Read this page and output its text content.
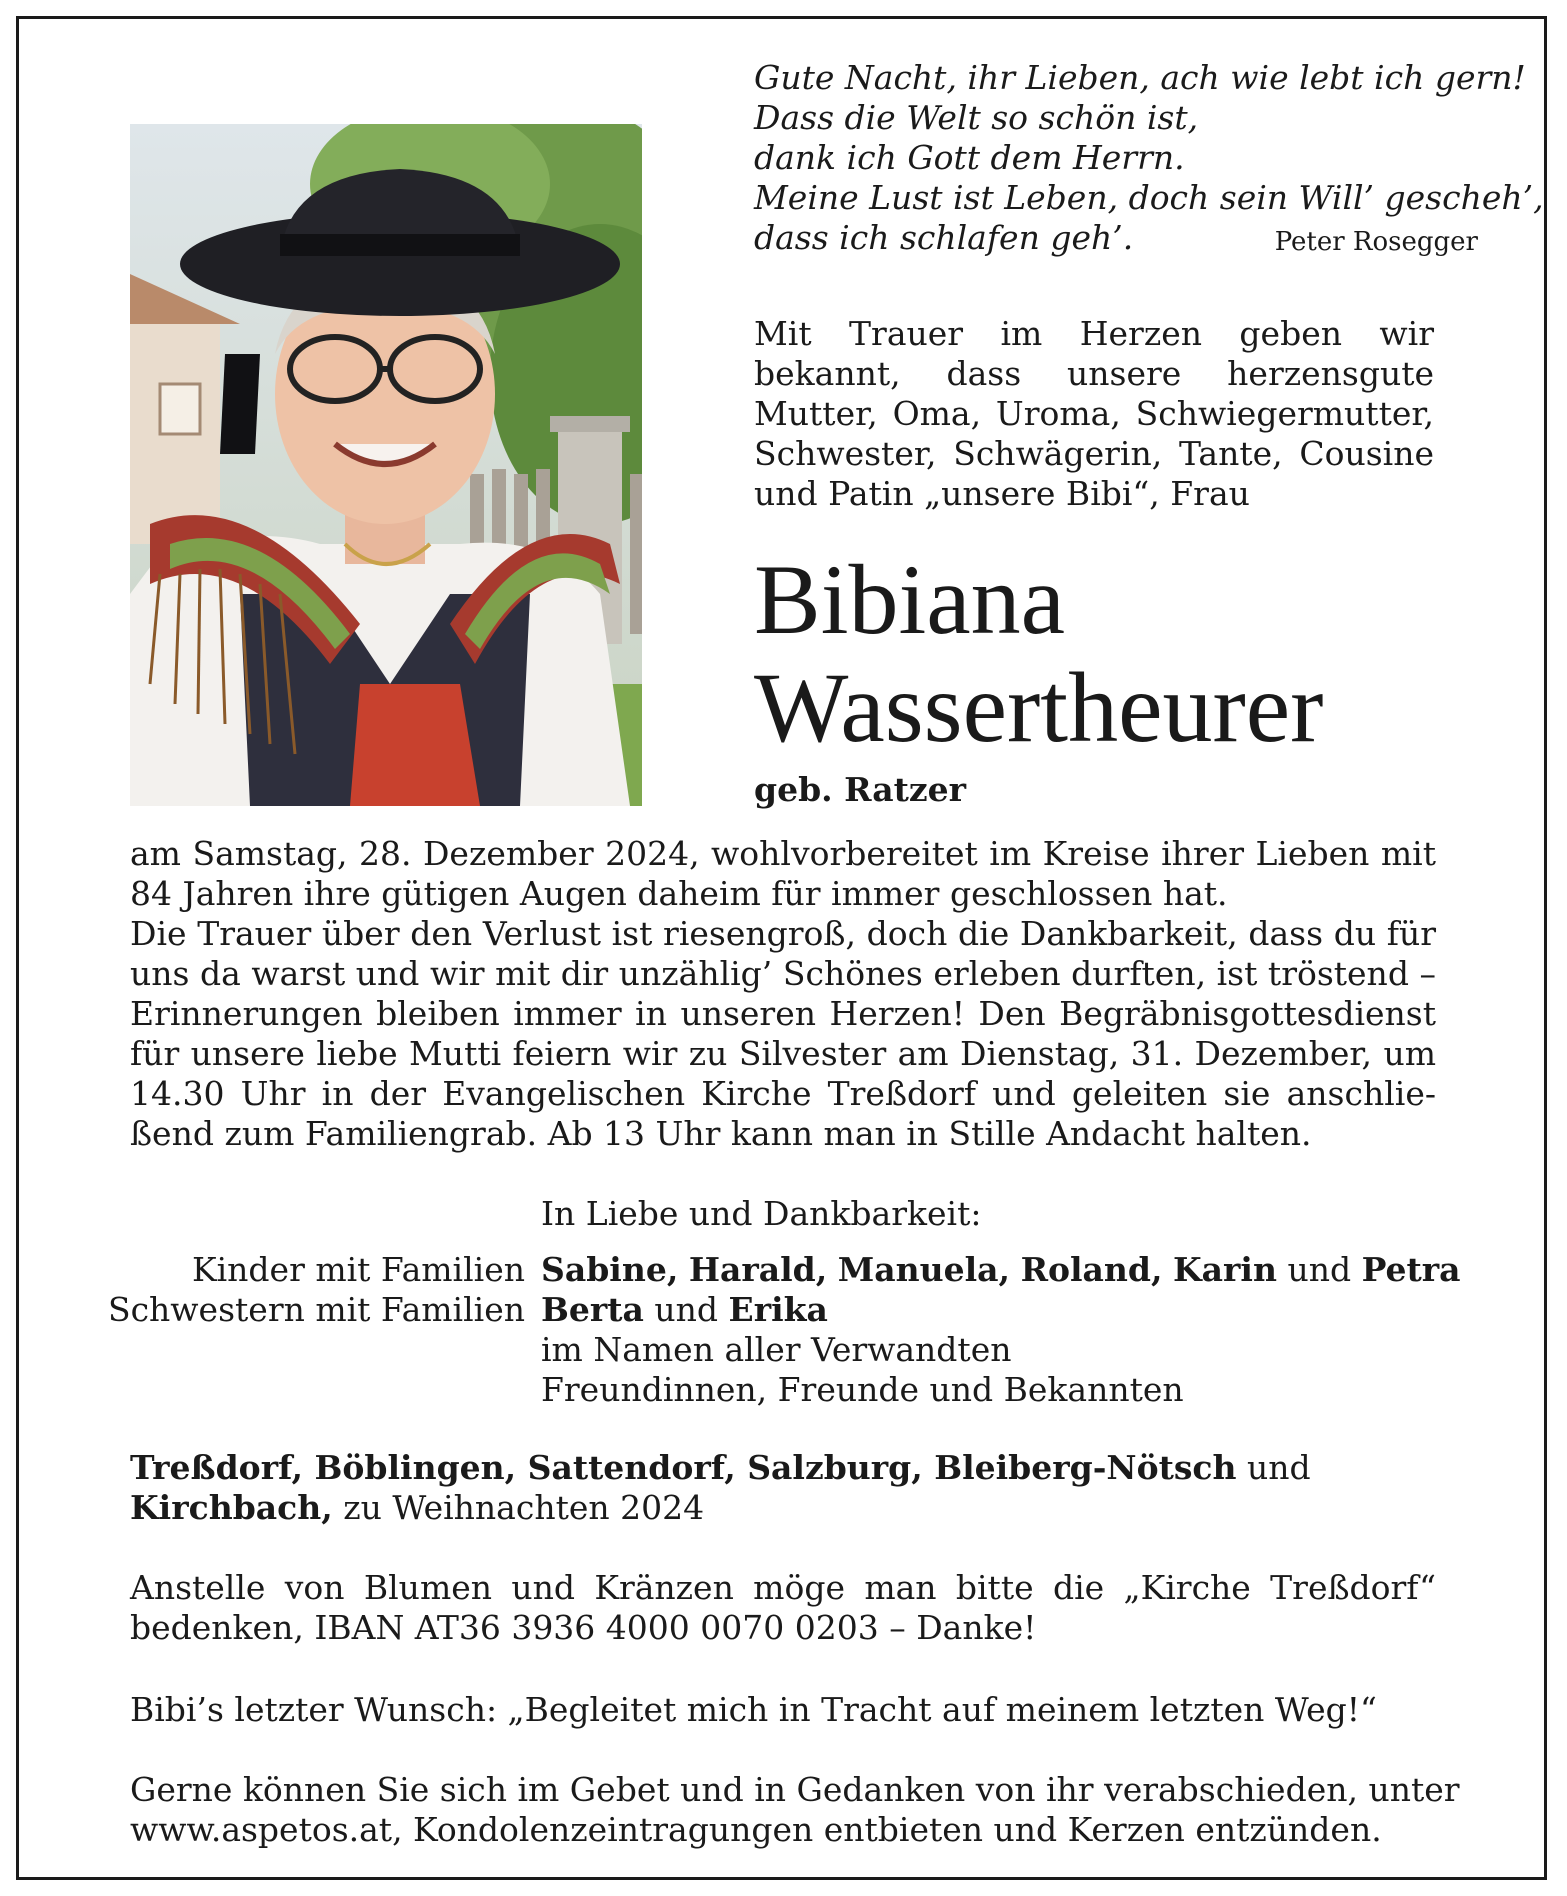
Gute Nacht, ihr Lieben, ach wie lebt ich gern!
Dass die Welt so schön ist,
dank ich Gott dem Herrn.
Meine Lust ist Leben, doch sein Will’ gescheh’,
dass ich schlafen geh’.	Peter Rosegger
Mit Trauer im Herzen geben wir
bekannt, dass unsere herzensgute
Mutter, Oma, Uroma, Schwiegermutter,
Schwester, Schwägerin, Tante, Cousine
und Patin „unsere Bibi“, Frau
Bibiana
Wassertheurer
geb. Ratzer
am Samstag, 28. Dezember 2024, wohlvorbereitet im Kreise ihrer Lieben mit
84 Jahren ihre gütigen Augen daheim für immer geschlossen hat.
Die Trauer über den Verlust ist riesengroß, doch die Dankbarkeit, dass du für
uns da warst und wir mit dir unzählig’ Schönes erleben durften, ist tröstend –
Erinnerungen bleiben immer in unseren Herzen! Den Begräbnisgottesdienst
für unsere liebe Mutti feiern wir zu Silvester am Dienstag, 31. Dezember, um
14.30 Uhr in der Evangelischen Kirche Treßdorf und geleiten sie anschlie-
ßend zum Familiengrab. Ab 13 Uhr kann man in Stille Andacht halten.
In Liebe und Dankbarkeit:
Kinder mit Familien Sabine, Harald, Manuela, Roland, Karin und Petra
Schwestern mit Familien Berta und Erika
im Namen aller Verwandten
Freundinnen, Freunde und Bekannten
Treßdorf, Böblingen, Sattendorf, Salzburg, Bleiberg-Nötsch und
Kirchbach, zu Weihnachten 2024
Anstelle von Blumen und Kränzen möge man bitte die „Kirche Treßdorf“
bedenken, IBAN AT36 3936 4000 0070 0203 – Danke!
Bibi’s letzter Wunsch: „Begleitet mich in Tracht auf meinem letzten Weg!“
Gerne können Sie sich im Gebet und in Gedanken von ihr verabschieden, unter
www.aspetos.at, Kondolenzeintragungen entbieten und Kerzen entzünden.
